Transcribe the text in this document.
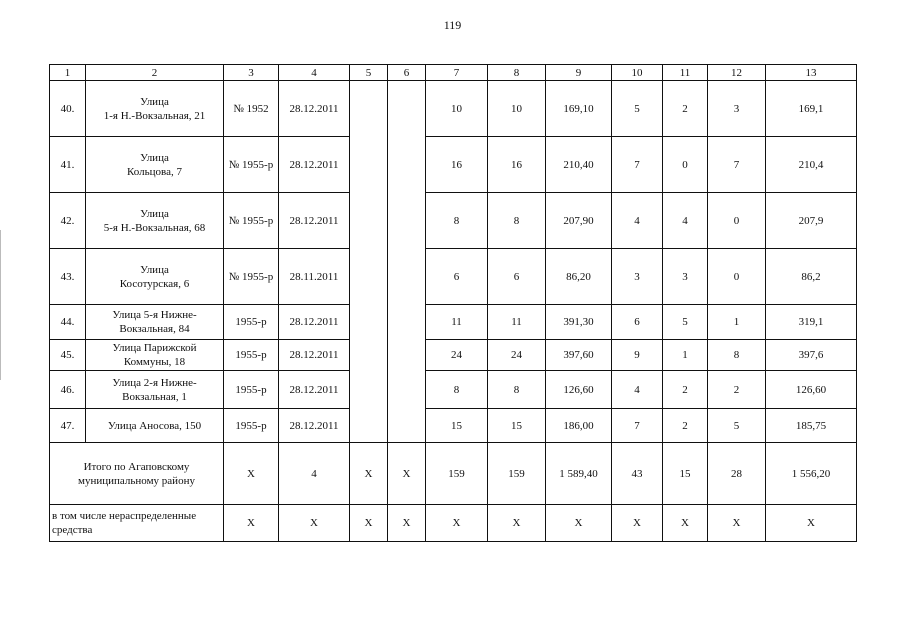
119
1	2	3	4	5	6	7	8	9	10	11	12	13
40.	Улица
1-я Н.-Вокзальная, 21	№ 1952	28.12.2011			10	10	169,10	5	2	3	169,1
41.	Улица
Кольцова, 7	№ 1955-р	28.12.2011			16	16	210,40	7	0	7	210,4
42.	Улица
5-я Н.-Вокзальная, 68	№ 1955-р	28.12.2011			8	8	207,90	4	4	0	207,9
43.	Улица
Косотурская, 6	№ 1955-р	28.11.2011			6	6	86,20	3	3	0	86,2
44.	Улица 5-я Нижне-
Вокзальная, 84	1955-р	28.12.2011			11	11	391,30	6	5	1	319,1
45.	Улица Парижской
Коммуны, 18	1955-р	28.12.2011			24	24	397,60	9	1	8	397,6
46.	Улица 2-я Нижне-
Вокзальная, 1	1955-р	28.12.2011			8	8	126,60	4	2	2	126,60
47.	Улица Аносова, 150	1955-р	28.12.2011			15	15	186,00	7	2	5	185,75

Итого по Агаповскому
муниципальному району		X	4	X	X	159	159	1 589,40	43	15	28	1 556,20

в том числе нераспределенные
средства		X	X	X	X	X	X	X	X	X	X	X
